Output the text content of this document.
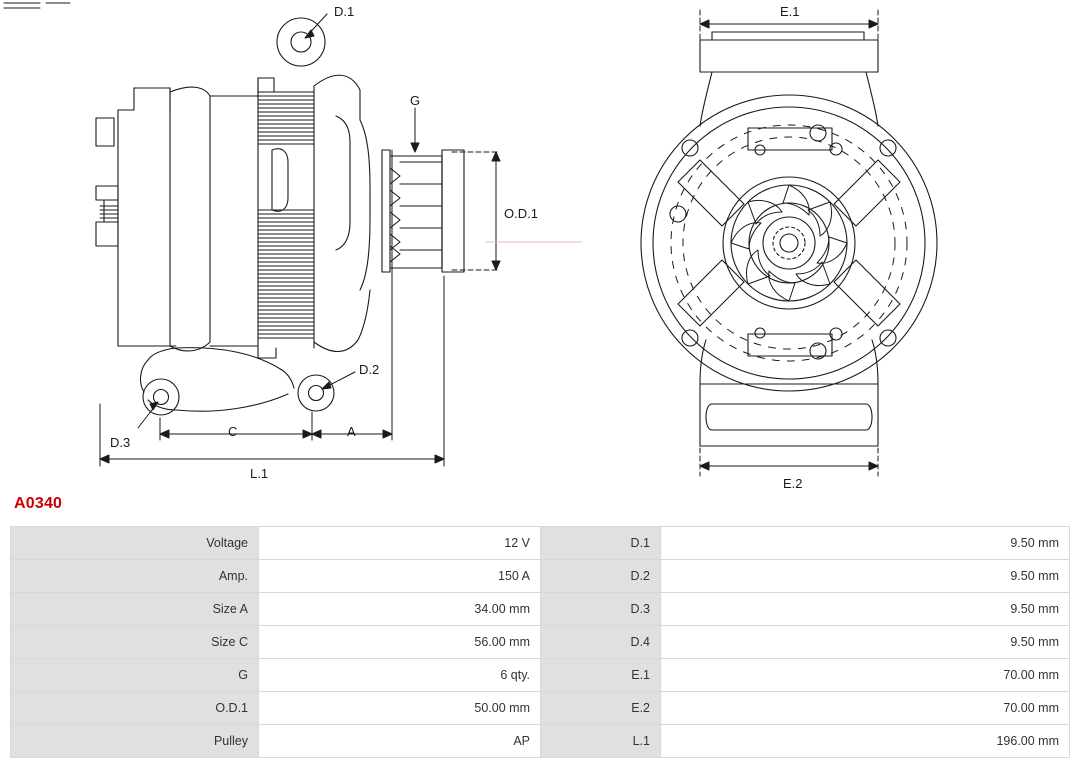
D.1
D.2
D.3
G
O.D.1
C	A
L.1
E.1
E.2
A0340
Voltage	12 V	D.1	9.50 mm
Amp.	150 A	D.2	9.50 mm
Size A	34.00 mm	D.3	9.50 mm
Size C	56.00 mm	D.4	9.50 mm
G	6 qty.	E.1	70.00 mm
O.D.1	50.00 mm	E.2	70.00 mm
Pulley	AP	L.1	196.00 mm
